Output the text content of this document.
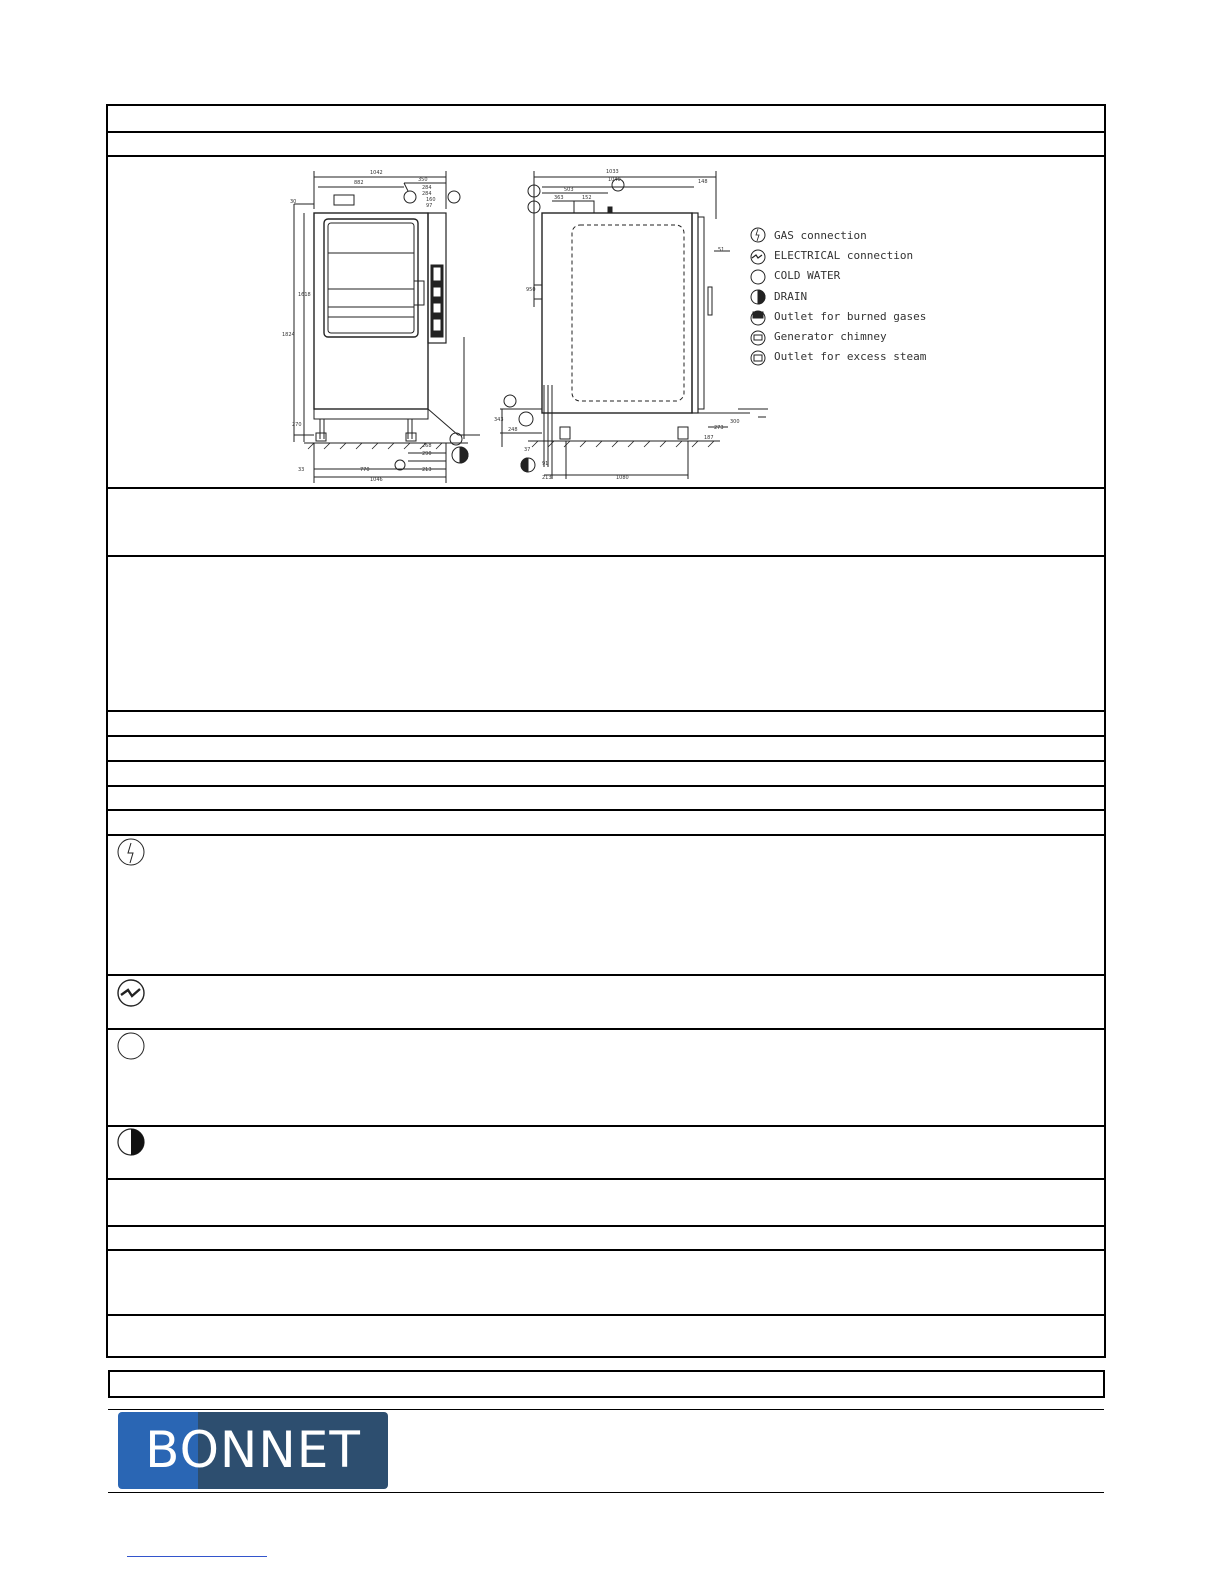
GAS connection
ELECTRICAL connection
COLD WATER
DRAIN
Outlet for burned gases
Generator chimney
Outlet for excess steam
1042
882	350
284
284
160
97
30
1824
1618
270
33
290
770
1046
268
213
1033
1040
363
503
152
148
51
300
273
187
343
248
37
91
213	1080
950
BONNET
